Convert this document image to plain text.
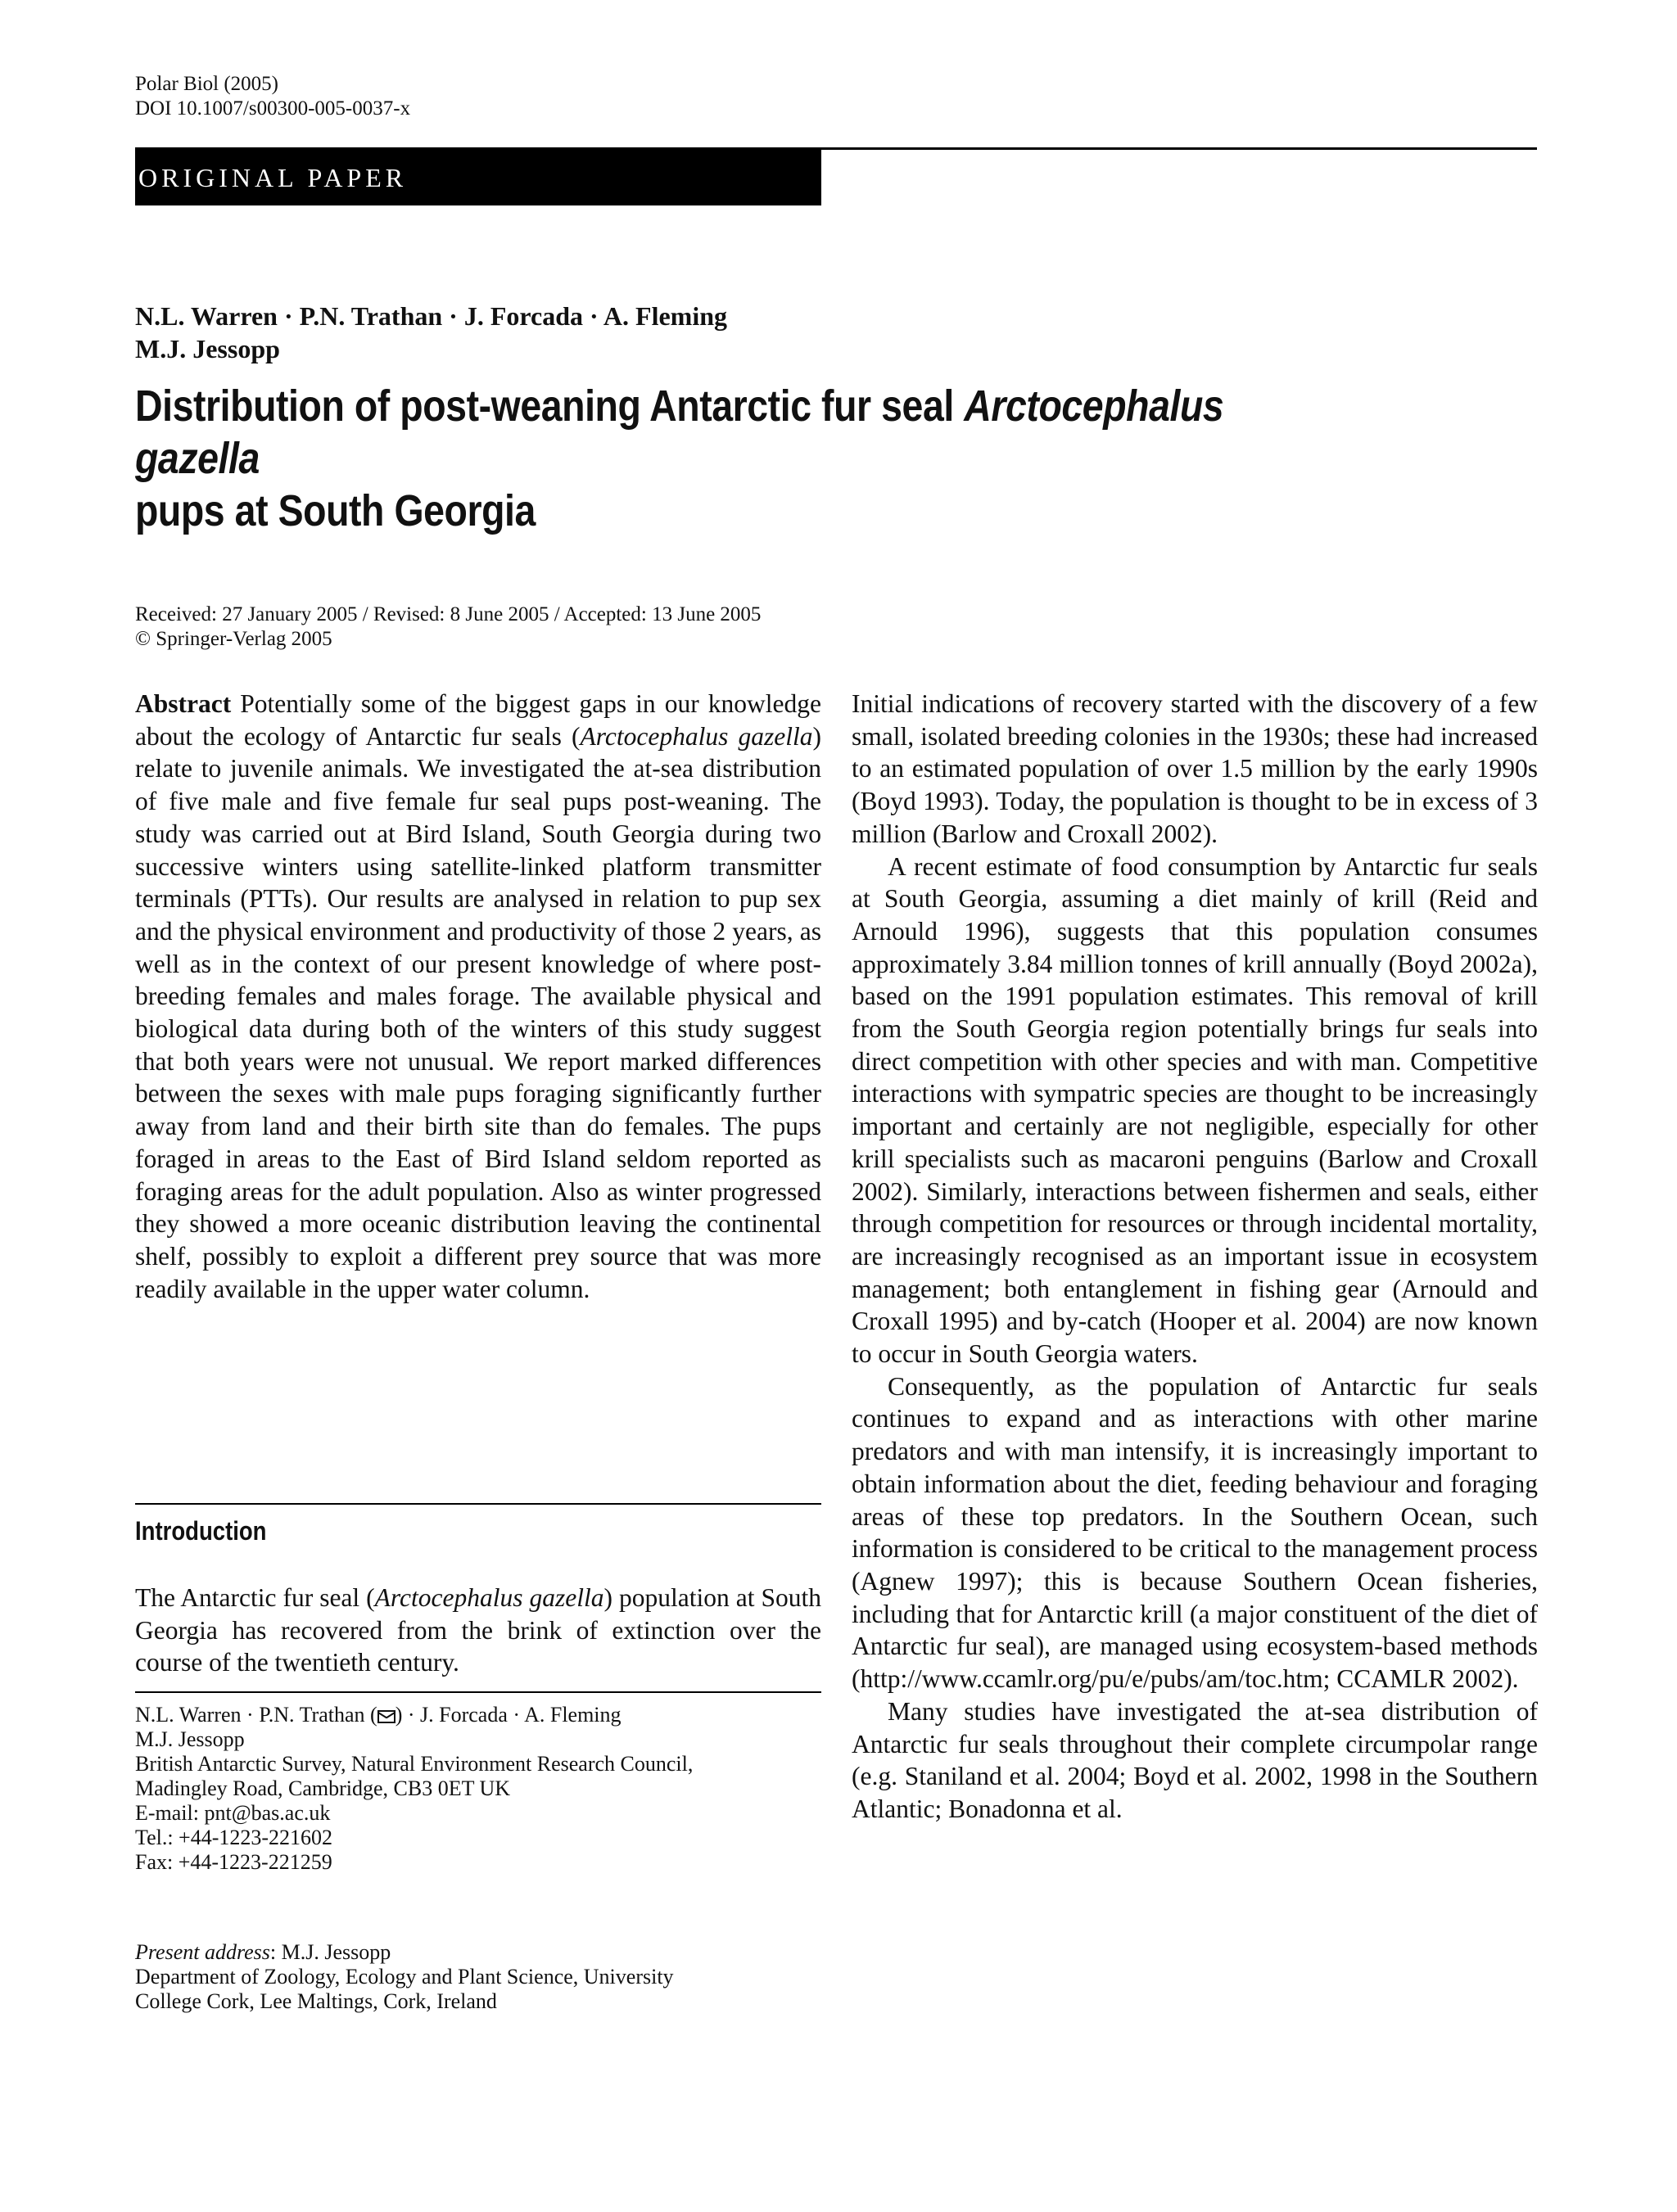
Polar Biol (2005)
DOI 10.1007/s00300-005-0037-x
ORIGINAL PAPER
N.L. Warren · P.N. Trathan · J. Forcada · A. Fleming
M.J. Jessopp
Distribution of post-weaning Antarctic fur seal Arctocephalus gazella
pups at South Georgia
Received: 27 January 2005 / Revised: 8 June 2005 / Accepted: 13 June 2005
© Springer-Verlag 2005

Abstract Potentially some of the biggest gaps in our knowledge about the ecology of Antarctic fur seals (Arctocephalus gazella) relate to juvenile animals. We investigated the at-sea distribution of five male and five female fur seal pups post-weaning. The study was carried out at Bird Island, South Georgia during two successive winters using satellite-linked platform transmitter terminals (PTTs). Our results are analysed in relation to pup sex and the physical environment and productivity of those 2 years, as well as in the context of our present knowledge of where post-breeding females and males forage. The available physical and biological data during both of the winters of this study suggest that both years were not unusual. We report marked differences between the sexes with male pups foraging significantly further away from land and their birth site than do females. The pups foraged in areas to the East of Bird Island seldom reported as foraging areas for the adult population. Also as winter progressed they showed a more oceanic distribution leaving the continental shelf, possibly to exploit a different prey source that was more readily available in the upper water column.

Introduction

The Antarctic fur seal (Arctocephalus gazella) population at South Georgia has recovered from the brink of extinction over the course of the twentieth century.

N.L. Warren · P.N. Trathan ( ) · J. Forcada · A. Fleming
M.J. Jessopp
British Antarctic Survey, Natural Environment Research Council,
Madingley Road, Cambridge, CB3 0ET UK
E-mail: pnt@bas.ac.uk
Tel.: +44-1223-221602
Fax: +44-1223-221259
Present address: M.J. Jessopp
Department of Zoology, Ecology and Plant Science, University
College Cork, Lee Maltings, Cork, Ireland

Initial indications of recovery started with the discovery of a few small, isolated breeding colonies in the 1930s; these had increased to an estimated population of over 1.5 million by the early 1990s (Boyd 1993). Today, the population is thought to be in excess of 3 million (Barlow and Croxall 2002).

A recent estimate of food consumption by Antarctic fur seals at South Georgia, assuming a diet mainly of krill (Reid and Arnould 1996), suggests that this population consumes approximately 3.84 million tonnes of krill annually (Boyd 2002a), based on the 1991 population estimates. This removal of krill from the South Georgia region potentially brings fur seals into direct competition with other species and with man. Competitive interactions with sympatric species are thought to be increasingly important and certainly are not negligible, especially for other krill specialists such as macaroni penguins (Barlow and Croxall 2002). Similarly, interactions between fishermen and seals, either through competition for resources or through incidental mortality, are increasingly recognised as an important issue in ecosystem management; both entanglement in fishing gear (Arnould and Croxall 1995) and by-catch (Hooper et al. 2004) are now known to occur in South Georgia waters.

Consequently, as the population of Antarctic fur seals continues to expand and as interactions with other marine predators and with man intensify, it is increasingly important to obtain information about the diet, feeding behaviour and foraging areas of these top predators. In the Southern Ocean, such information is considered to be critical to the management process (Agnew 1997); this is because Southern Ocean fisheries, including that for Antarctic krill (a major constituent of the diet of Antarctic fur seal), are managed using ecosystem-based methods (http://www.ccamlr.org/pu/e/pubs/am/toc.htm; CCAMLR 2002).

Many studies have investigated the at-sea distribution of Antarctic fur seals throughout their complete circumpolar range (e.g. Staniland et al. 2004; Boyd et al. 2002, 1998 in the Southern Atlantic; Bonadonna et al.
